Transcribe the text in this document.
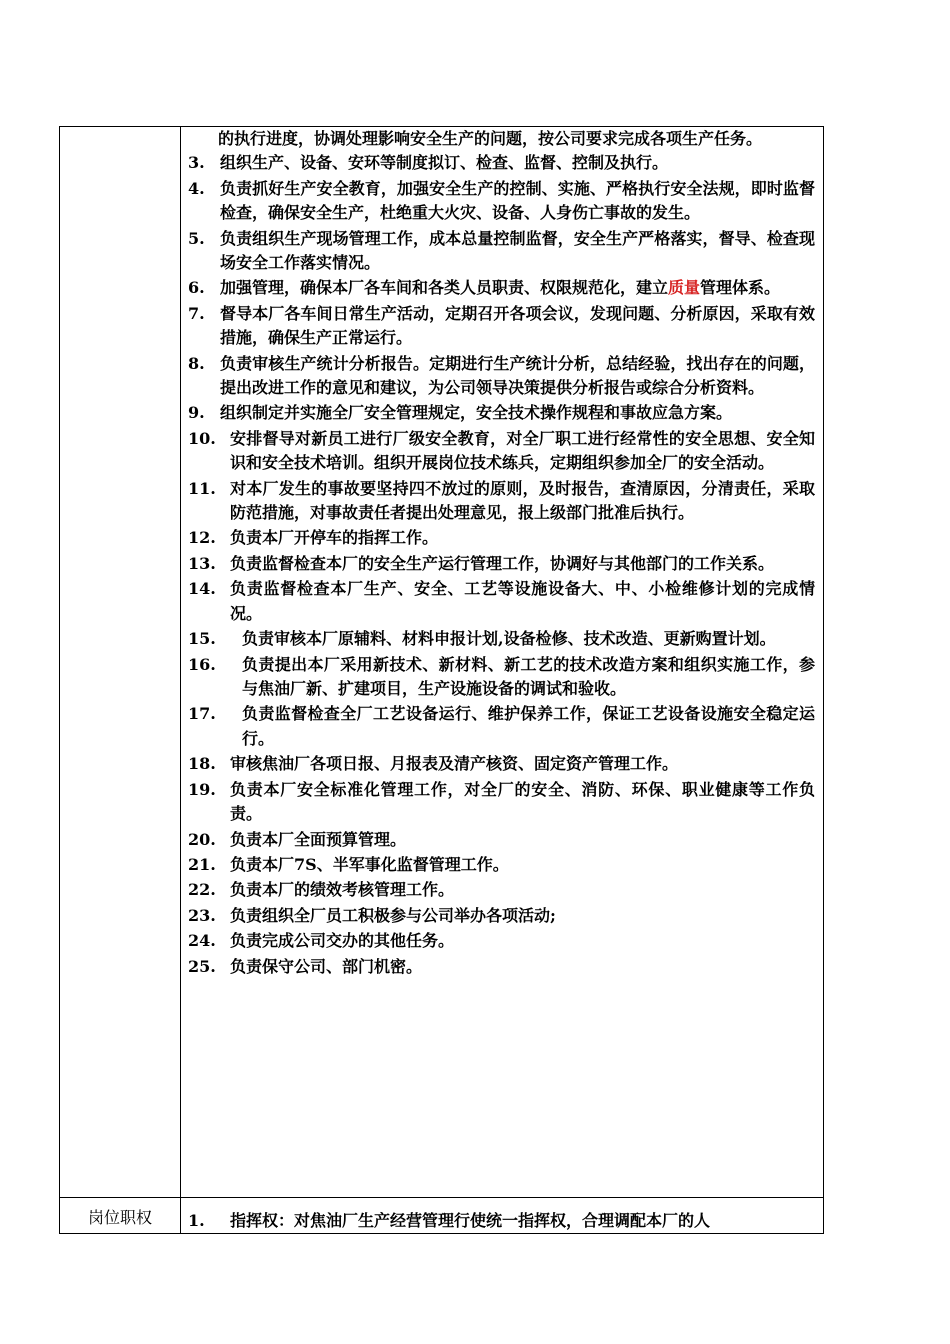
的执行进度，协调处理影响安全生产的问题，按公司要求完成各项生产任务。
3. 组织生产、设备、安环等制度拟订、检查、监督、控制及执行。
4. 负责抓好生产安全教育，加强安全生产的控制、实施、严格执行安全法规，即时监督检查，确保安全生产，杜绝重大火灾、设备、人身伤亡事故的发生。
5. 负责组织生产现场管理工作，成本总量控制监督，安全生产严格落实，督导、检查现场安全工作落实情况。
6. 加强管理，确保本厂各车间和各类人员职责、权限规范化，建立质量管理体系。
7. 督导本厂各车间日常生产活动，定期召开各项会议，发现问题、分析原因，采取有效措施，确保生产正常运行。
8. 负责审核生产统计分析报告。定期进行生产统计分析，总结经验，找出存在的问题，提出改进工作的意见和建议，为公司领导决策提供分析报告或综合分析资料。
9. 组织制定并实施全厂安全管理规定，安全技术操作规程和事故应急方案。
10. 安排督导对新员工进行厂级安全教育，对全厂职工进行经常性的安全思想、安全知识和安全技术培训。组织开展岗位技术练兵，定期组织参加全厂的安全活动。
11. 对本厂发生的事故要坚持四不放过的原则，及时报告，查清原因，分清责任，采取防范措施，对事故责任者提出处理意见，报上级部门批准后执行。
12. 负责本厂开停车的指挥工作。
13. 负责监督检查本厂的安全生产运行管理工作，协调好与其他部门的工作关系。
14. 负责监督检查本厂生产、安全、工艺等设施设备大、中、小检维修计划的完成情况。
15.	负责审核本厂原辅料、材料申报计划,设备检修、技术改造、更新购置计划。
16.	负责提出本厂采用新技术、新材料、新工艺的技术改造方案和组织实施工作，参与焦油厂新、扩建项目，生产设施设备的调试和验收。
17.	负责监督检查全厂工艺设备运行、维护保养工作，保证工艺设备设施安全稳定运行。
18. 审核焦油厂各项日报、月报表及清产核资、固定资产管理工作。
19. 负责本厂安全标准化管理工作，对全厂的安全、消防、环保、职业健康等工作负责。
20. 负责本厂全面预算管理。
21. 负责本厂7S、半军事化监督管理工作。
22. 负责本厂的绩效考核管理工作。
23. 负责组织全厂员工积极参与公司举办各项活动;
24. 负责完成公司交办的其他任务。
25. 负责保守公司、部门机密。
岗位职权	1.	指挥权：对焦油厂生产经营管理行使统一指挥权，合理调配本厂的人
